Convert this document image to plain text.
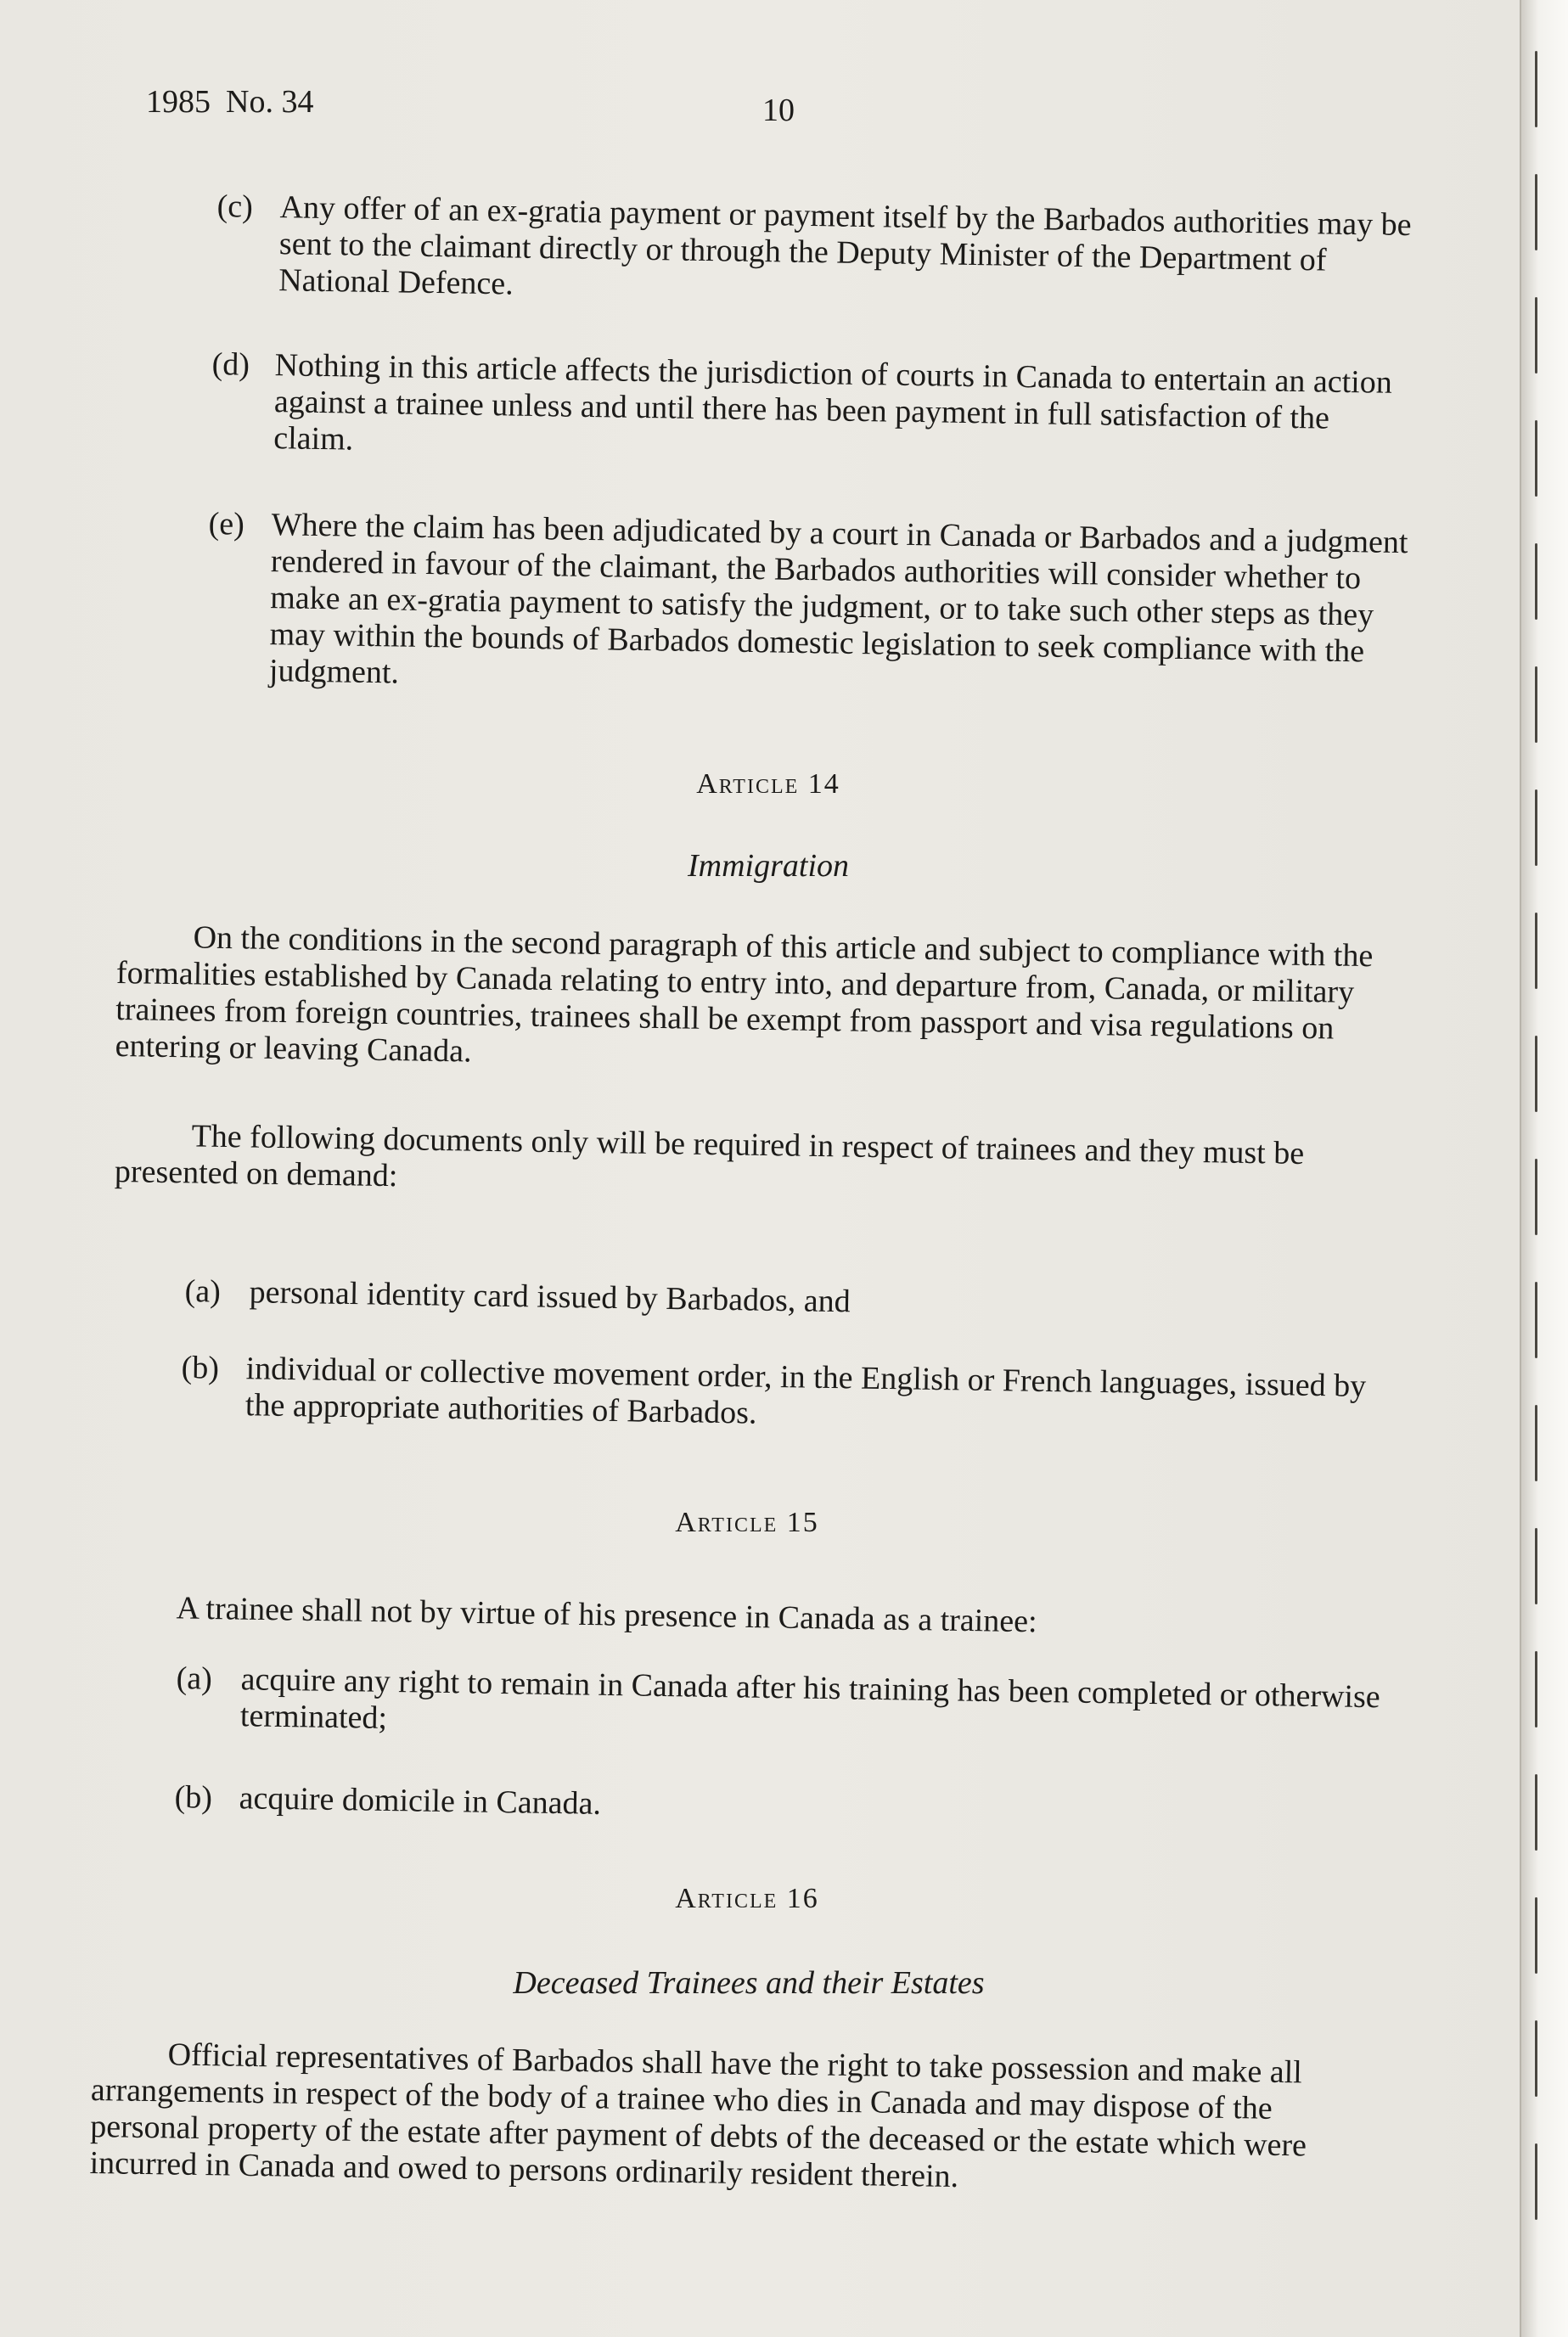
1985 No. 34	10
(c) Any offer of an ex-gratia payment or payment itself by the Barbados authorities may be sent to the claimant directly or through the Deputy Minister of the Department of National Defence.
(d) Nothing in this article affects the jurisdiction of courts in Canada to entertain an action against a trainee unless and until there has been payment in full satisfaction of the claim.
(e) Where the claim has been adjudicated by a court in Canada or Barbados and a judgment rendered in favour of the claimant, the Barbados authorities will consider whether to make an ex-gratia payment to satisfy the judgment, or to take such other steps as they may within the bounds of Barbados domestic legislation to seek compliance with the judgment.
Article 14
Immigration
On the conditions in the second paragraph of this article and subject to compliance with the formalities established by Canada relating to entry into, and departure from, Canada, or military trainees from foreign countries, trainees shall be exempt from passport and visa regulations on entering or leaving Canada.
The following documents only will be required in respect of trainees and they must be presented on demand:
(a) personal identity card issued by Barbados, and
(b) individual or collective movement order, in the English or French languages, issued by the appropriate authorities of Barbados.
Article 15
A trainee shall not by virtue of his presence in Canada as a trainee:
(a) acquire any right to remain in Canada after his training has been completed or otherwise terminated;
(b) acquire domicile in Canada.
Article 16
Deceased Trainees and their Estates
Official representatives of Barbados shall have the right to take possession and make all arrangements in respect of the body of a trainee who dies in Canada and may dispose of the personal property of the estate after payment of debts of the deceased or the estate which were incurred in Canada and owed to persons ordinarily resident therein.
